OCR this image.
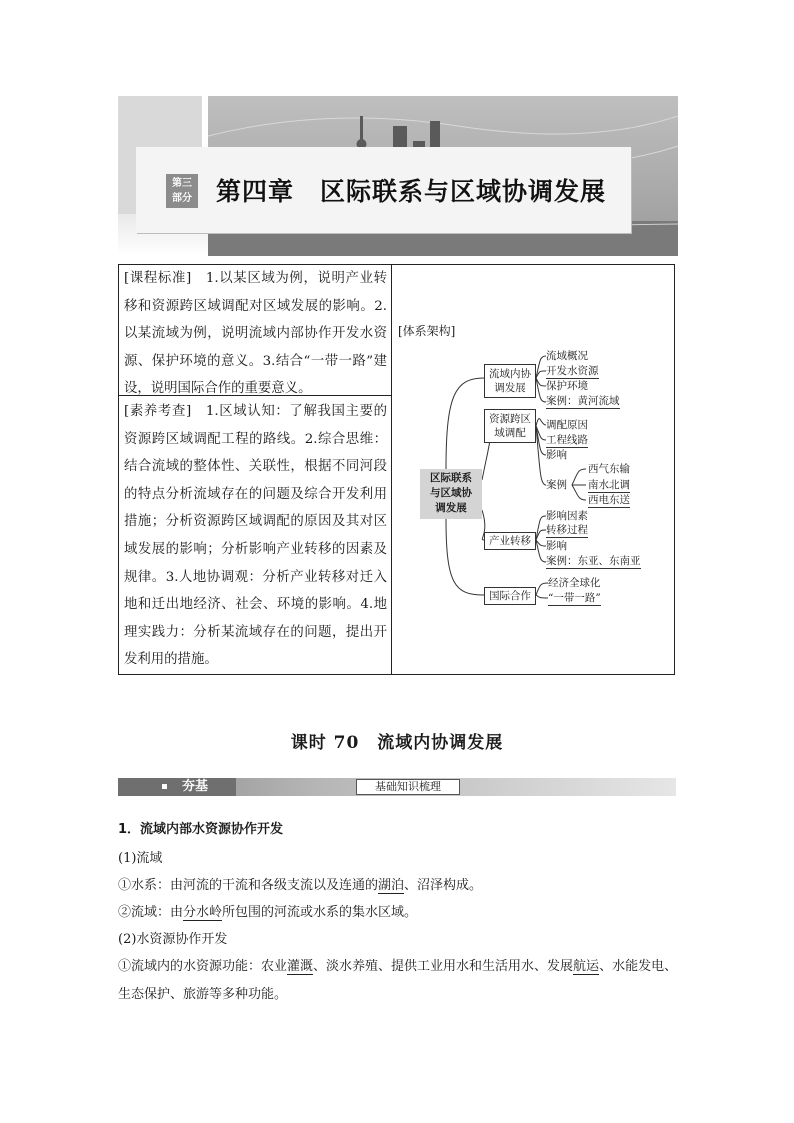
第三
部分 第四章　区际联系与区域协调发展
[课程标准]　1.以某区域为例，说明产业转移和资源跨区域调配对区域发展的影响。2.以某流域为例，说明流域内部协作开发水资源、保护环境的意义。3.结合“一带一路”建设，说明国际合作的重要意义。
[素养考查]　1.区域认知：了解我国主要的资源跨区域调配工程的路线。2.综合思维：结合流域的整体性、关联性，根据不同河段的特点分析流域存在的问题及综合开发利用措施；分析资源跨区域调配的原因及其对区域发展的影响；分析影响产业转移的因素及规律。3.人地协调观：分析产业转移对迁入地和迁出地经济、社会、环境的影响。4.地理实践力：分析某流域存在的问题，提出开发利用的措施。
[体系架构]
区际联系
与区域协
调发展
流域内协
调发展
流域概况
开发水资源
保护环境
案例：黄河流域
资源跨区
域调配
调配原因
工程线路
影响
案例
西气东输
南水北调
西电东送
产业转移
影响因素
转移过程
影响
案例：东亚、东南亚
国际合作
经济全球化
“一带一路”
课时 70　流域内协调发展
夯基	基础知识梳理
1．流域内部水资源协作开发
(1)流域
①水系：由河流的干流和各级支流以及连通的湖泊、沼泽构成。
②流域：由分水岭所包围的河流或水系的集水区域。
(2)水资源协作开发
①流域内的水资源功能：农业灌溉、淡水养殖、提供工业用水和生活用水、发展航运、水能发电、生态保护、旅游等多种功能。
